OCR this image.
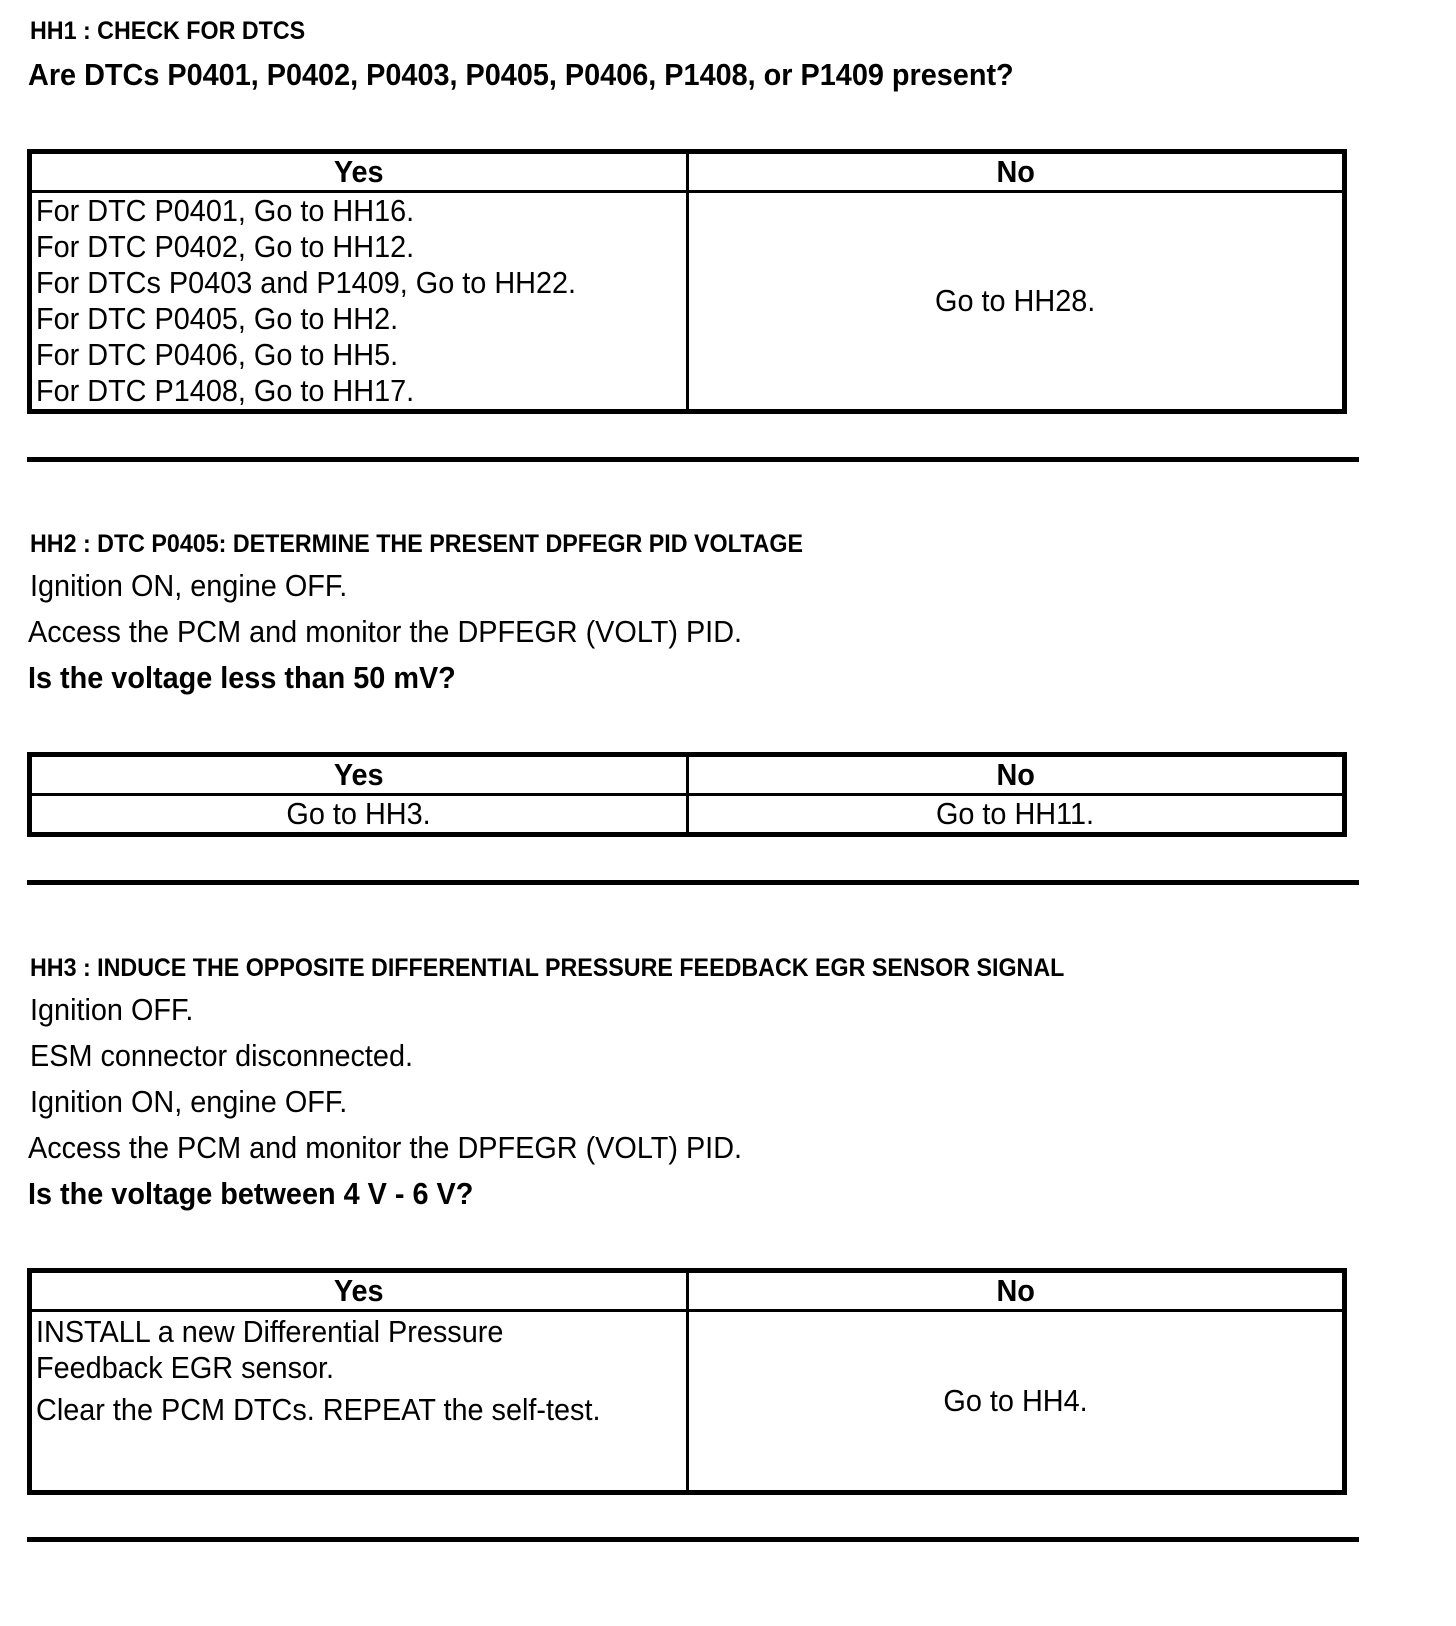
HH1 : CHECK FOR DTCS
Are DTCs P0401, P0402, P0403, P0405, P0406, P1408, or P1409 present?
Yes	No

For DTC P0401, Go to HH16.
For DTC P0402, Go to HH12.
For DTCs P0403 and P1409, Go to HH22.
For DTC P0405, Go to HH2.
For DTC P0406, Go to HH5.
For DTC P1408, Go to HH17.
	Go to HH28.
HH2 : DTC P0405: DETERMINE THE PRESENT DPFEGR PID VOLTAGE
Ignition ON, engine OFF.
Access the PCM and monitor the DPFEGR (VOLT) PID.
Is the voltage less than 50 mV?
Yes	No
Go to HH3.	Go to HH11.
HH3 : INDUCE THE OPPOSITE DIFFERENTIAL PRESSURE FEEDBACK EGR SENSOR SIGNAL
Ignition OFF.
ESM connector disconnected.
Ignition ON, engine OFF.
Access the PCM and monitor the DPFEGR (VOLT) PID.
Is the voltage between 4 V - 6 V?
Yes	No

INSTALL a new Differential Pressure
Feedback EGR sensor.
Clear the PCM DTCs. REPEAT the self-test.	Go to HH4.
